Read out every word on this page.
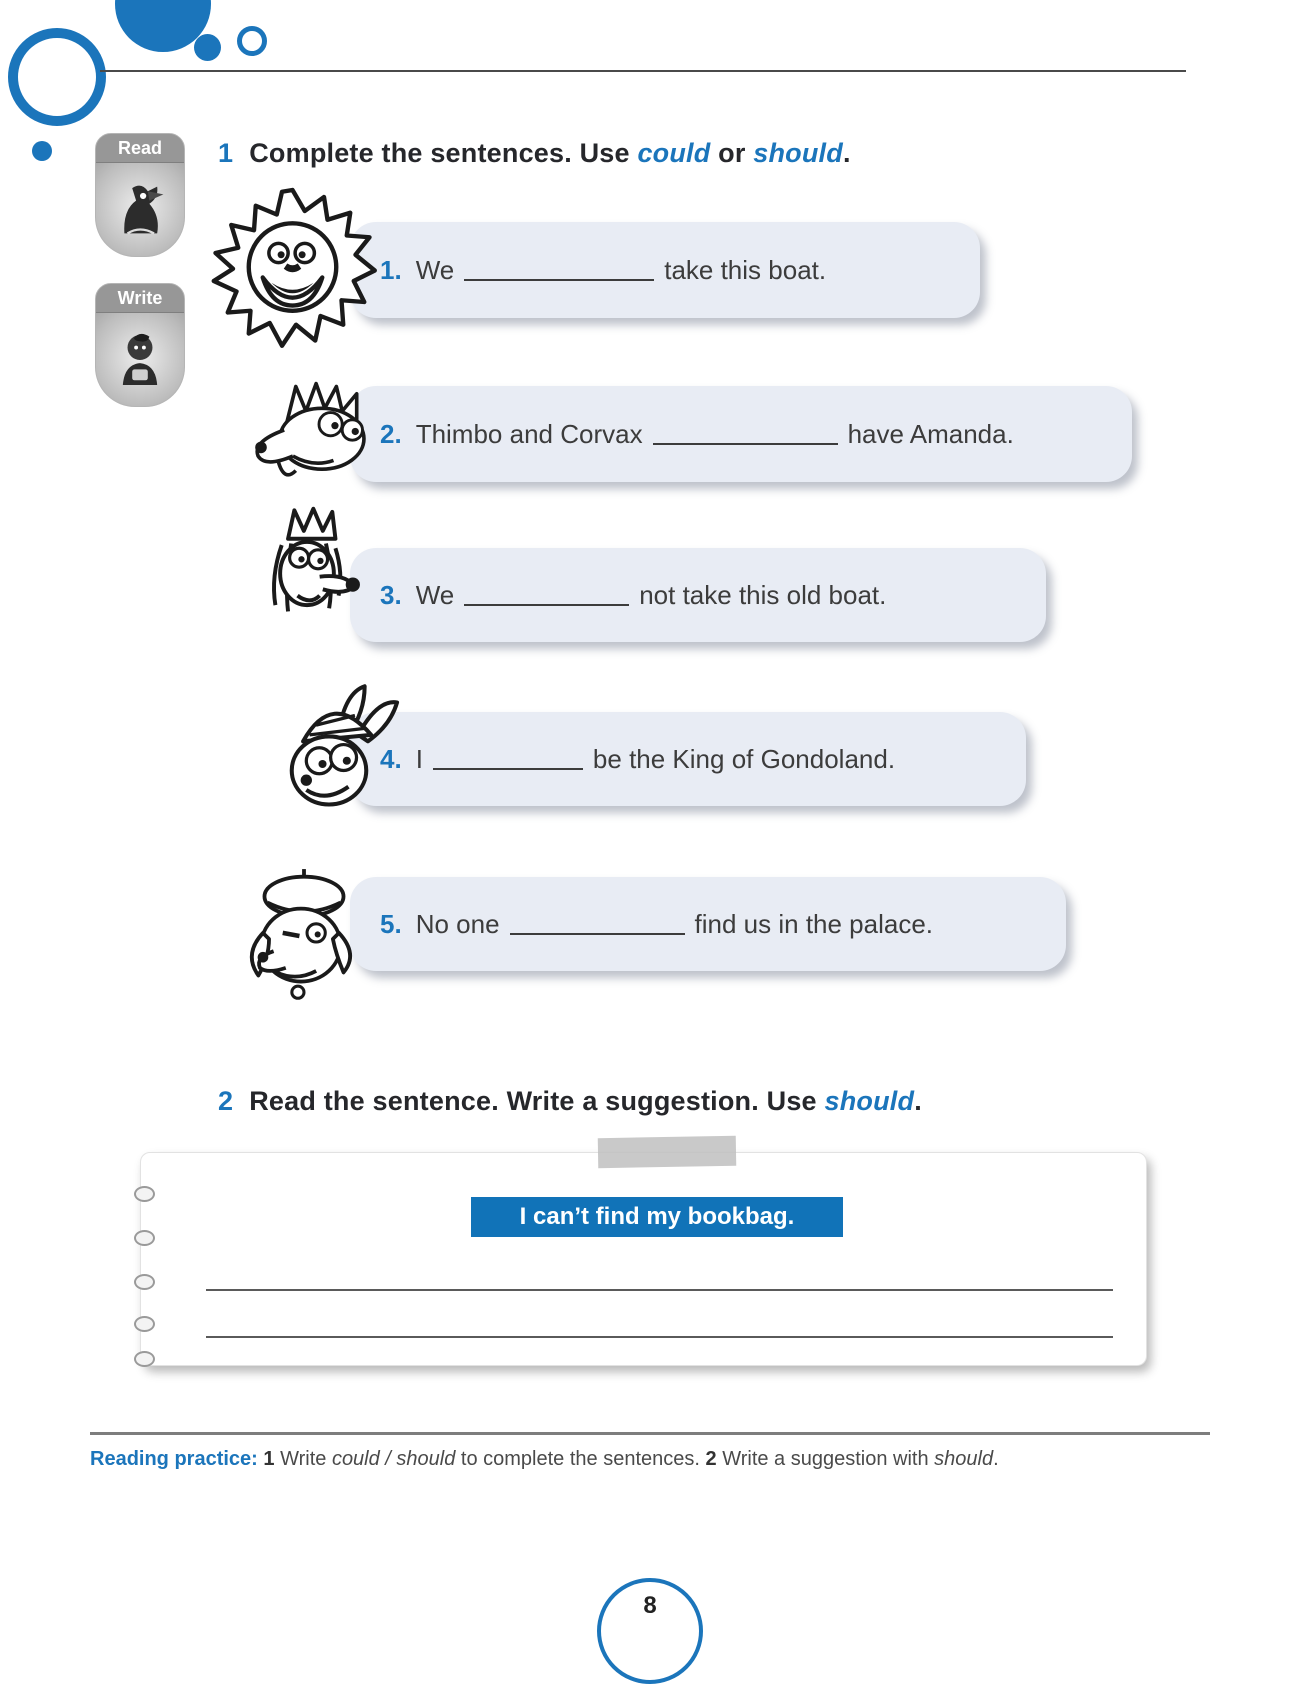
Read
Write
1 Complete the sentences. Use could or should.
1. We	take this boat.
2. Thimbo and Corvax	have Amanda.
3. We	not take this old boat.
4. I	be the King of Gondoland.
5. No one	find us in the palace.
2 Read the sentence. Write a suggestion. Use should.
I can’t find my bookbag.
Reading practice: 1 Write could / should to complete the sentences. 2 Write a suggestion with should.
8
